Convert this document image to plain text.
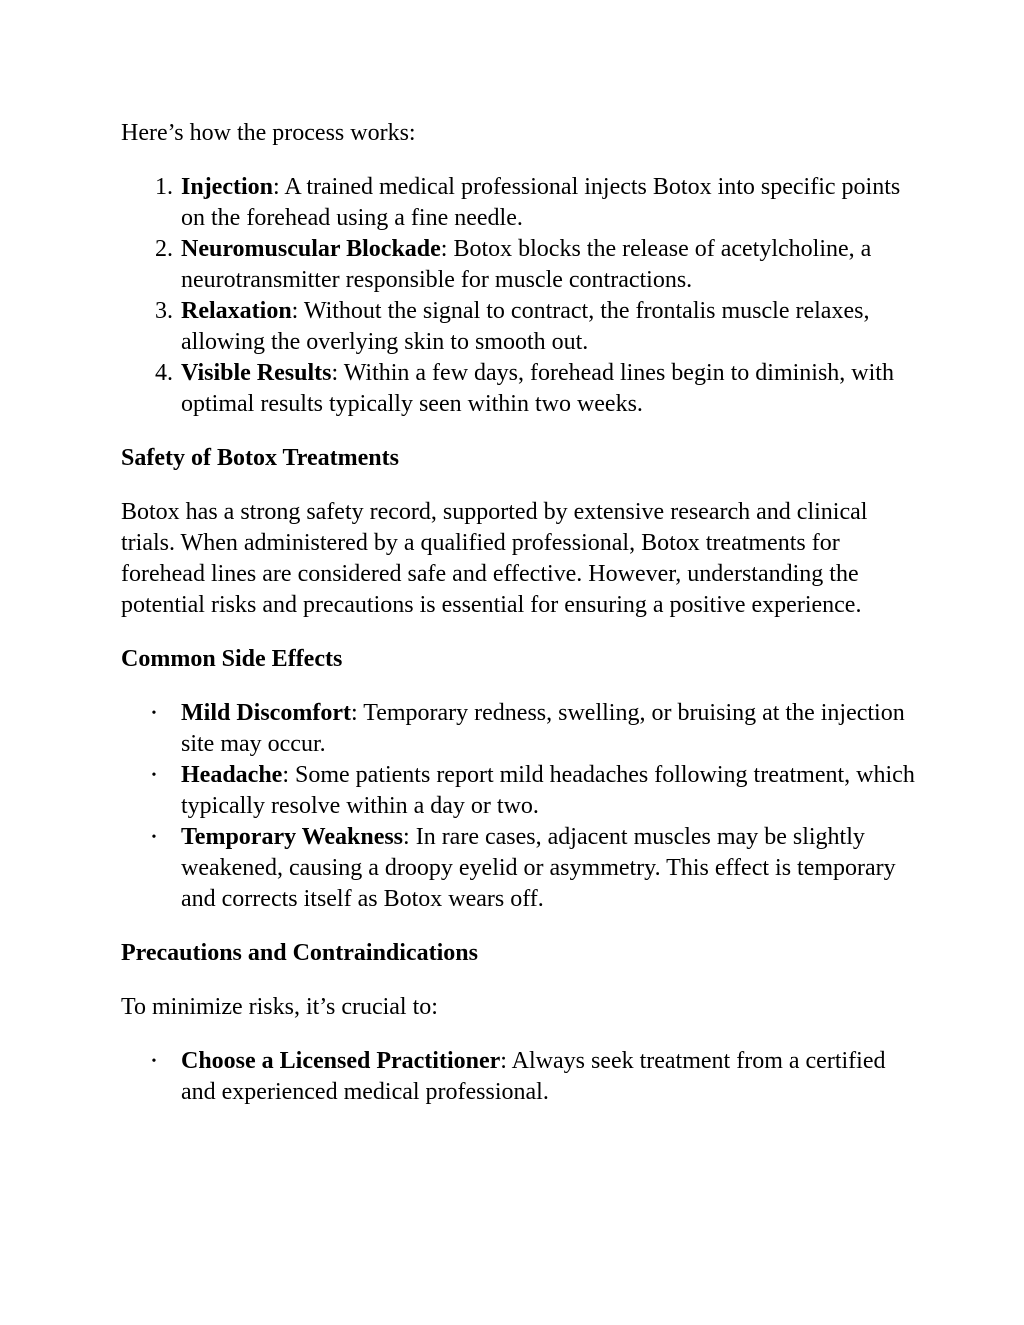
Here’s how the process works:

1. Injection: A trained medical professional injects Botox into specific points on the forehead using a fine needle.
2. Neuromuscular Blockade: Botox blocks the release of acetylcholine, a neurotransmitter responsible for muscle contractions.
3. Relaxation: Without the signal to contract, the frontalis muscle relaxes, allowing the overlying skin to smooth out.
4. Visible Results: Within a few days, forehead lines begin to diminish, with optimal results typically seen within two weeks.
Safety of Botox Treatments

Botox has a strong safety record, supported by extensive research and clinical trials. When administered by a qualified professional, Botox treatments for forehead lines are considered safe and effective. However, understanding the potential risks and precautions is essential for ensuring a positive experience.

Common Side Effects
• Mild Discomfort: Temporary redness, swelling, or bruising at the injection site may occur.
• Headache: Some patients report mild headaches following treatment, which typically resolve within a day or two.
• Temporary Weakness: In rare cases, adjacent muscles may be slightly weakened, causing a droopy eyelid or asymmetry. This effect is temporary and corrects itself as Botox wears off.
Precautions and Contraindications

To minimize risks, it’s crucial to:

• Choose a Licensed Practitioner: Always seek treatment from a certified and experienced medical professional.
